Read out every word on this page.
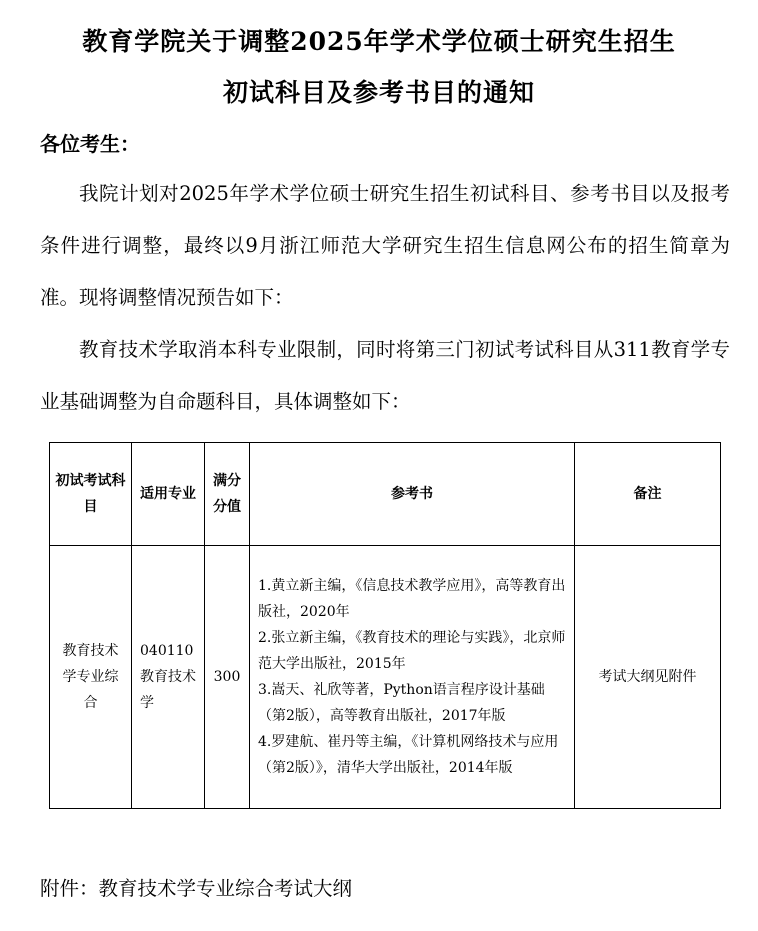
教育学院关于调整2025年学术学位硕士研究生招生
初试科目及参考书目的通知

各位考生：

我院计划对2025年学术学位硕士研究生招生初试科目、参考书目以及报考条件进行调整，最终以9月浙江师范大学研究生招生信息网公布的招生简章为准。现将调整情况预告如下：

教育技术学取消本科专业限制，同时将第三门初试考试科目从311教育学专业基础调整为自命题科目，具体调整如下：

初试考试科目	适用专业	满分分值	参考书	备注
教育技术学专业综合	040110教育技术学	300	1.黄立新主编，《信息技术教学应用》，高等教育出版社，2020年

2.张立新主编，《教育技术的理论与实践》，北京师范大学出版社，2015年

3.嵩天、礼欣等著，Python语言程序设计基础（第2版），高等教育出版社，2017年版

4.罗建航、崔丹等主编，《计算机网络技术与应用（第2版）》，清华大学出版社，2014年版	考试大纲见附件

附件：教育技术学专业综合考试大纲
